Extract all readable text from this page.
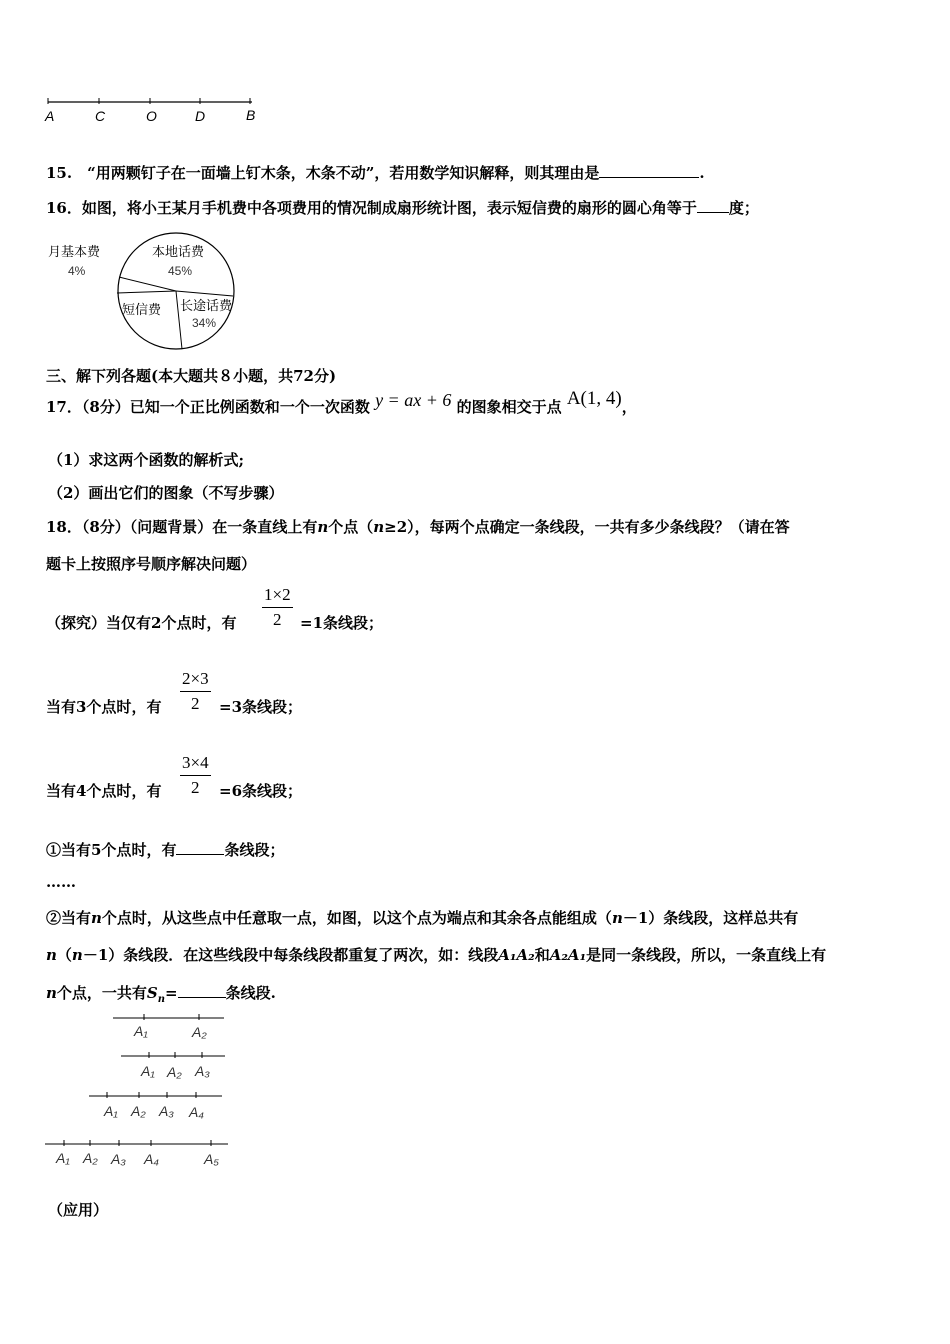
A	C	O	D	B
15.　“用两颗钉子在一面墙上钉木条，木条不动”，若用数学知识解释，则其理由是	.
16．如图，将小王某月手机费中各项费用的情况制成扇形统计图，表示短信费的扇形的圆心角等于 度；
月基本费
4%
本地话费
45%
短信费 长途话费
34%
三、解下列各题(本大题共８小题，共72分)
17．（8分）已知一个正比例函数和一个一次函数 y = ax + 6 的图象相交于点 A(1, 4)，
（1）求这两个函数的解析式;
（2）画出它们的图象（不写步骤）
18．（8分）（问题背景）在一条直线上有n个点（n≥2），每两个点确定一条线段，一共有多少条线段？（请在答
题卡上按照序号顺序解决问题）
（探究）当仅有2个点时，有 $\frac{1\times 2}{2} =1$条线段；
当有3个点时，有 $\frac{2\times 3}{2} =3$条线段；
当有4个点时，有 $\frac{3\times 4}{2} =6$条线段；
①当有5个点时，有	条线段；
……
②当有n个点时，从这些点中任意取一点，如图，以这个点为端点和其余各点能组成（n－1）条线段，这样总共有
n（n－1）条线段．在这些线段中每条线段都重复了两次，如：线段A₁A₂和A₂A₁是同一条线段，所以，一条直线上有
n个点，一共有$S_n=$	条线段.
A₁	A₂
A₁ A₂ A₃
A₁ A₂ A₃ A₄
A₁ A₂ A₃ A₄	A₅
（应用）
